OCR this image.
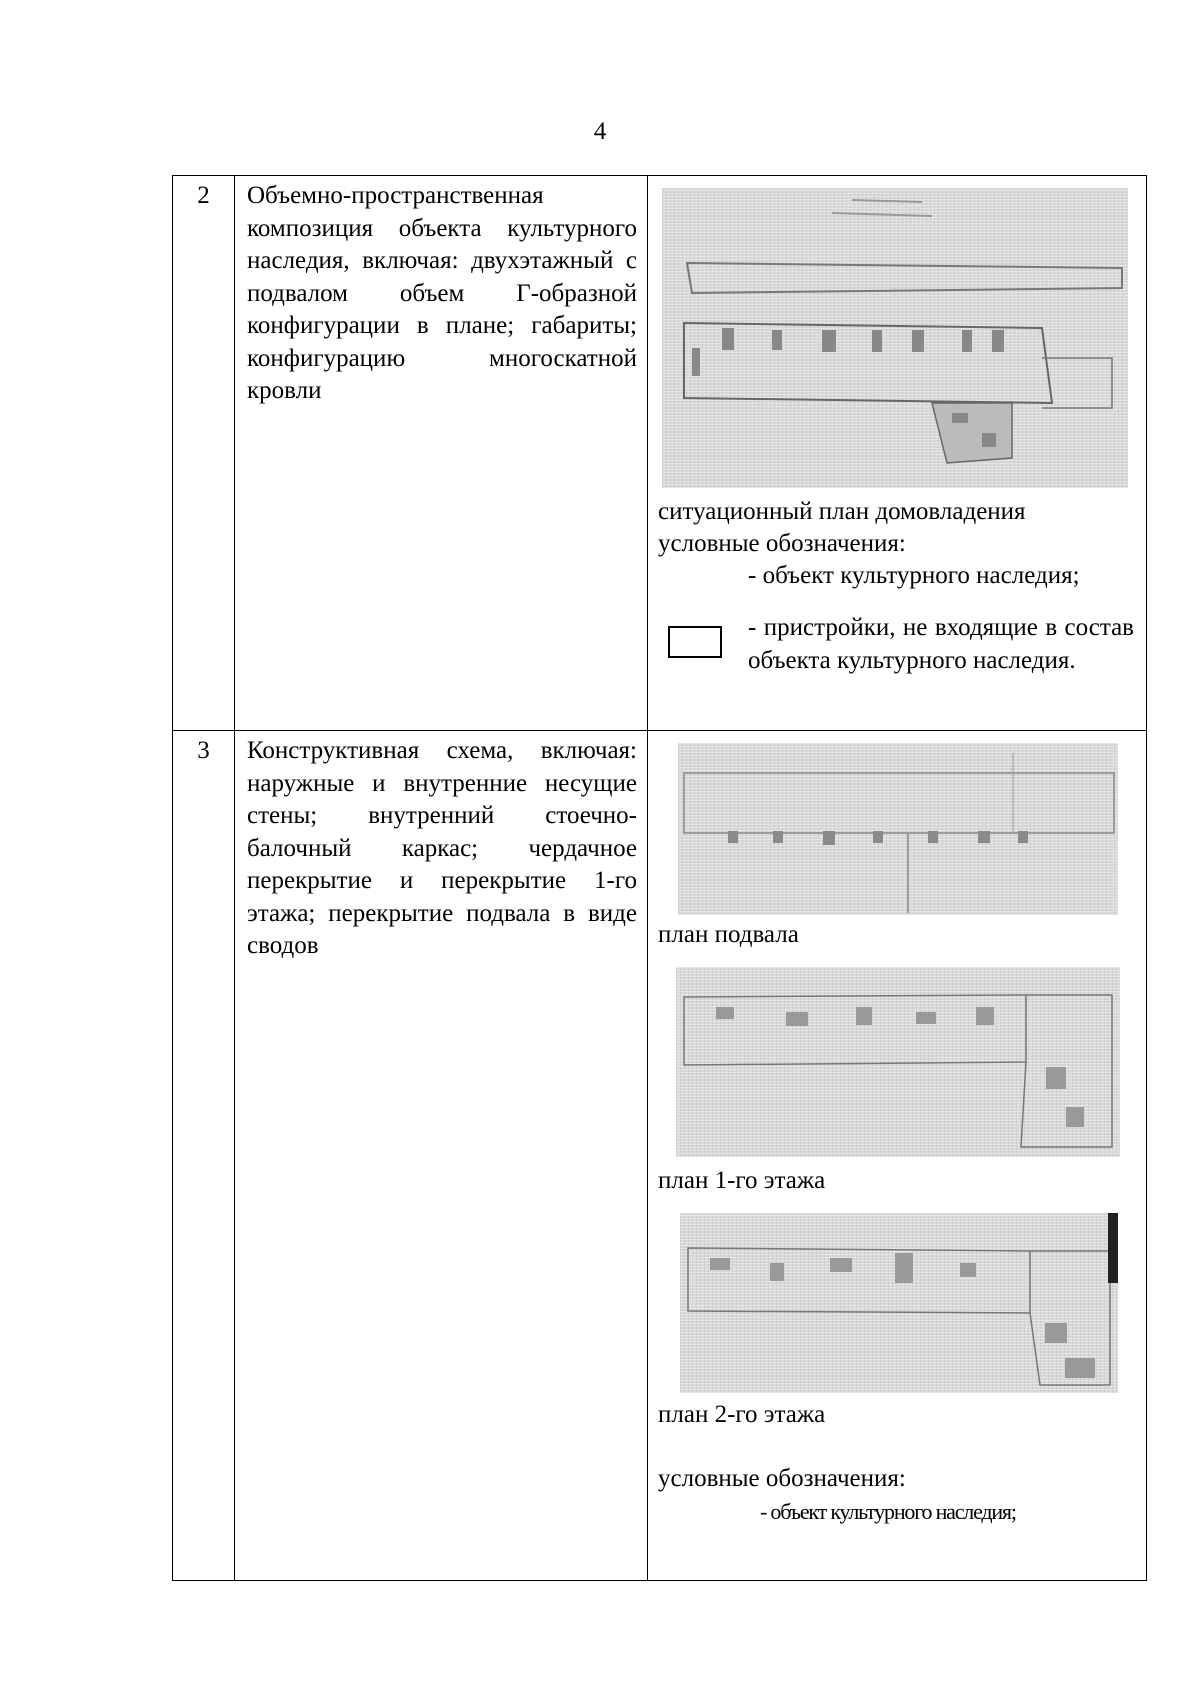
4
2	Объемно-пространственная композиция объекта культурного наследия, включая: двухэтажный с подвалом объем Г-образной конфигурации в плане; габариты; конфигурацию многоскатной кровли	ситуационный план домовладения
условные обозначения:
- объект культурного наследия;
- пристройки, не входящие в состав объекта культурного наследия.

3	Конструктивная схема, включая: наружные и внутренние несущие стены; внутренний стоечно-балочный каркас; чердачное перекрытие и перекрытие 1-го этажа; перекрытие подвала в виде сводов	план подвала
план 1-го этажа
план 2-го этажа
условные обозначения:
- объект культурного наследия;
